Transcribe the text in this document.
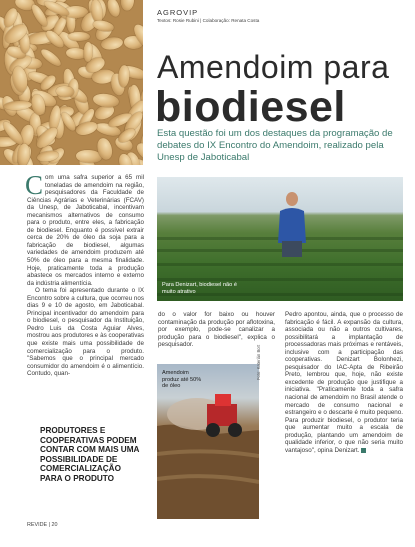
AGROVIP
Textos: Rosie Rubini | Colaboração: Renata Costa
Amendoim para
biodiesel
Esta questão foi um dos destaques da programação de debates do IX Encontro do Amendoim, realizado pela Unesp de Jaboticabal

C om uma safra superior a 65 mil toneladas de amendoim na região, pesquisadores da Faculdade de Ciências Agrárias e Veterinárias (FCAV) da Unesp, de Jaboticabal, incentivam mecanismos alternativos de consumo para o produto, entre eles, a fabricação de biodiesel. Enquanto é possível extrair cerca de 20% de óleo da soja para a fabricação de biodiesel, algumas variedades de amendoim produzem até 50% de óleo para a mesma finalidade. Hoje, praticamente toda a produção abastece os mercados interno e externo da indústria alimentícia.

O tema foi apresentado durante o IX Encontro sobre a cultura, que ocorreu nos dias 9 e 10 de agosto, em Jaboticabal. Principal incentivador do amendoim para o biodiesel, o pesquisador da Instituição, Pedro Luis da Costa Aguiar Alves, mostrou aos produtores e às cooperativas que existe mais uma possibilidade de comercialização para o produto. "Sabemos que o principal mercado consumidor do amendoim é o alimentício. Contudo, quan-

PRODUTORES E COOPERATIVAS PODEM CONTAR COM MAIS UMA POSSIBILIDADE DE COMERCIALIZAÇÃO PARA O PRODUTO
Para Denizart, biodiesel não é muito atrativo

do o valor for baixo ou houver contaminação da produção por aflotoxina, por exemplo, pode-se canalizar a produção para o biodiesel", explica o pesquisador.

Amendoim produz até 50% de óleo
Foto: Katerián Bort

Pedro apontou, ainda, que o processo de fabricação é fácil. A expansão da cultura, associada ou não a outros cultivares, possibilitará a implantação de processadoras mais próximas e rentáveis, inclusive com a participação das cooperativas. Denizart Bolonhezi, pesquisador do IAC-Apta de Ribeirão Preto, lembrou que, hoje, não existe excedente de produção que justifique a iniciativa. "Praticamente toda a safra nacional de amendoim no Brasil atende o mercado de consumo nacional e estrangeiro e o descarte é muito pequeno. Para produzir biodiesel, o produtor teria que aumentar muito a escala de produção, plantando um amendoim de qualidade inferior, o que não seria muito vantajoso", opina Denizart.

REVIDE | 20
